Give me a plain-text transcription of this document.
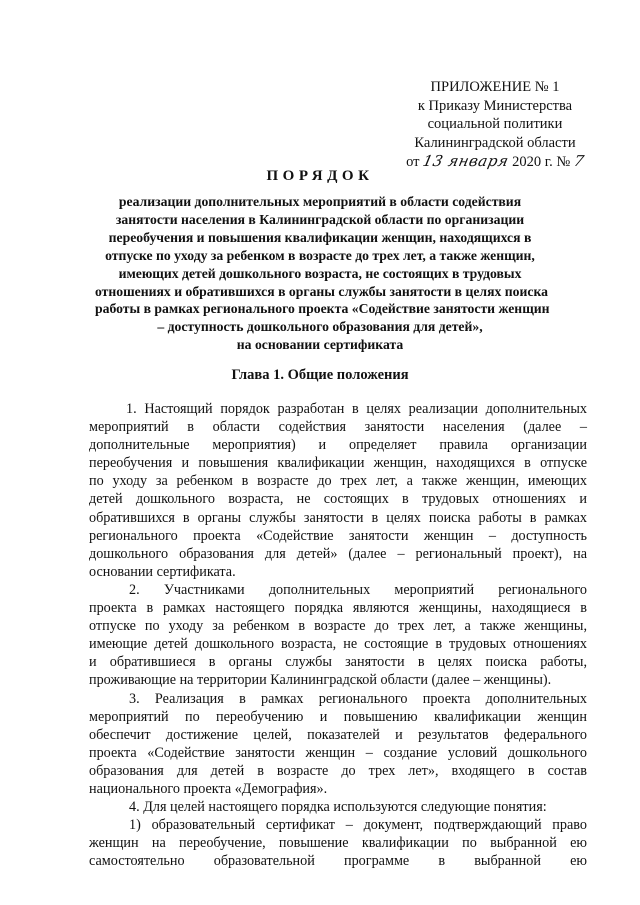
ПРИЛОЖЕНИЕ № 1
к Приказу Министерства
социальной политики
Калининградской области
от 13 января 2020 г. № 7
ПОРЯДОК
реализации дополнительных мероприятий в области содействия
занятости населения в Калининградской области по организации
переобучения и повышения квалификации женщин, находящихся в
отпуске по уходу за ребенком в возрасте до трех лет, а также женщин,
имеющих детей дошкольного возраста, не состоящих в трудовых
отношениях и обратившихся в органы службы занятости в целях поиска
работы в рамках регионального проекта «Содействие занятости женщин
– доступность дошкольного образования для детей»,
на основании сертификата
Глава 1. Общие положения
1. Настоящий порядок разработан в целях реализации дополнительных
мероприятий в области содействия занятости населения (далее –
дополнительные мероприятия) и определяет правила организации
переобучения и повышения квалификации женщин, находящихся в отпуске
по уходу за ребенком в возрасте до трех лет, а также женщин, имеющих
детей дошкольного возраста, не состоящих в трудовых отношениях и
обратившихся в органы службы занятости в целях поиска работы в рамках
регионального проекта «Содействие занятости женщин – доступность
дошкольного образования для детей» (далее – региональный проект), на
основании сертификата.
2. Участниками дополнительных мероприятий регионального
проекта в рамках настоящего порядка являются женщины, находящиеся в
отпуске по уходу за ребенком в возрасте до трех лет, а также женщины,
имеющие детей дошкольного возраста, не состоящие в трудовых отношениях
и обратившиеся в органы службы занятости в целях поиска работы,
проживающие на территории Калининградской области (далее – женщины).
3. Реализация в рамках регионального проекта дополнительных
мероприятий по переобучению и повышению квалификации женщин
обеспечит достижение целей, показателей и результатов федерального
проекта «Содействие занятости женщин – создание условий дошкольного
образования для детей в возрасте до трех лет», входящего в состав
национального проекта «Демография».
4. Для целей настоящего порядка используются следующие понятия:
1) образовательный сертификат – документ, подтверждающий право
женщин на переобучение, повышение квалификации по выбранной ею
самостоятельно образовательной программе в выбранной ею
